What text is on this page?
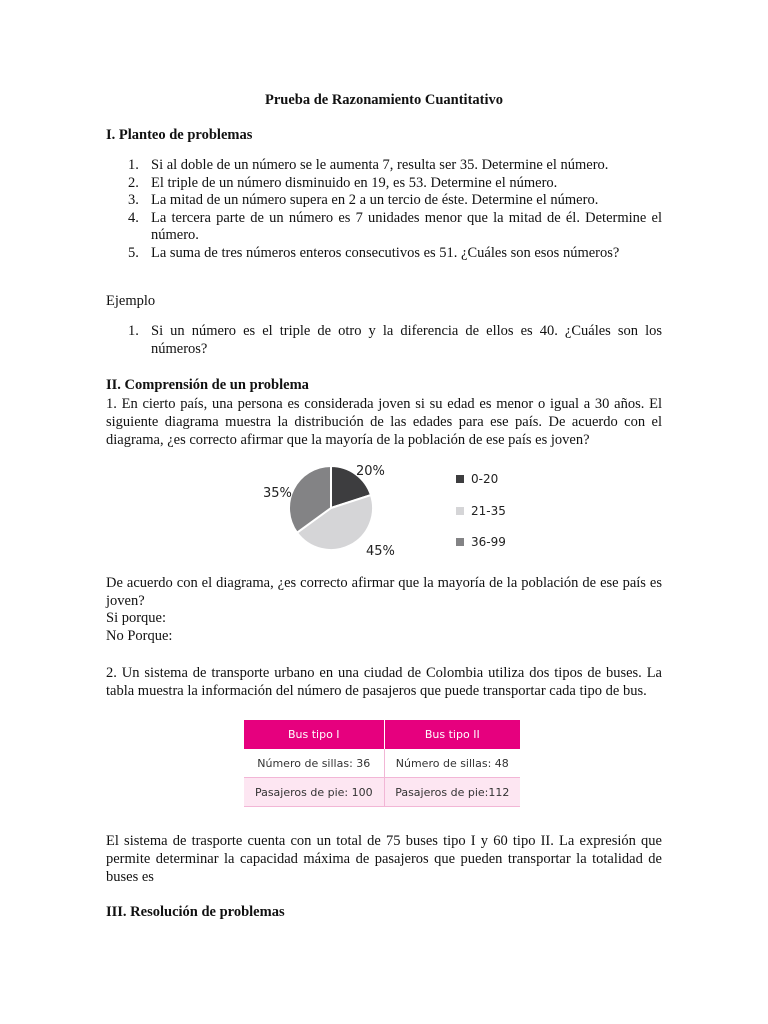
Prueba de Razonamiento Cuantitativo
I. Planteo de problemas
1. Si al doble de un número se le aumenta 7, resulta ser 35. Determine el número.
2. El triple de un número disminuido en 19, es 53. Determine el número.
3. La mitad de un número supera en 2 a un tercio de éste. Determine el número.
4. La tercera parte de un número es 7 unidades menor que la mitad de él. Determine el número.
5. La suma de tres números enteros consecutivos es 51. ¿Cuáles son esos números?
Ejemplo
1. Si un número es el triple de otro y la diferencia de ellos es 40. ¿Cuáles son los números?
II. Comprensión de un problema
1. En cierto país, una persona es considerada joven si su edad es menor o igual a 30 años. El siguiente diagrama muestra la distribución de las edades para ese país. De acuerdo con el diagrama, ¿es correcto afirmar que la mayoría de la población de ese país es joven?
20%
45%
35%
0-20
21-35
36-99
De acuerdo con el diagrama, ¿es correcto afirmar que la mayoría de la población de ese país es joven?
Si porque:
No Porque:
2. Un sistema de transporte urbano en una ciudad de Colombia utiliza dos tipos de buses. La tabla muestra la información del número de pasajeros que puede transportar cada tipo de bus.
Bus tipo I	Bus tipo II
Número de sillas: 36	Número de sillas: 48
Pasajeros de pie: 100	Pasajeros de pie:112
El sistema de trasporte cuenta con un total de 75 buses tipo I y 60 tipo II. La expresión que permite determinar la capacidad máxima de pasajeros que pueden transportar la totalidad de buses es
III. Resolución de problemas
